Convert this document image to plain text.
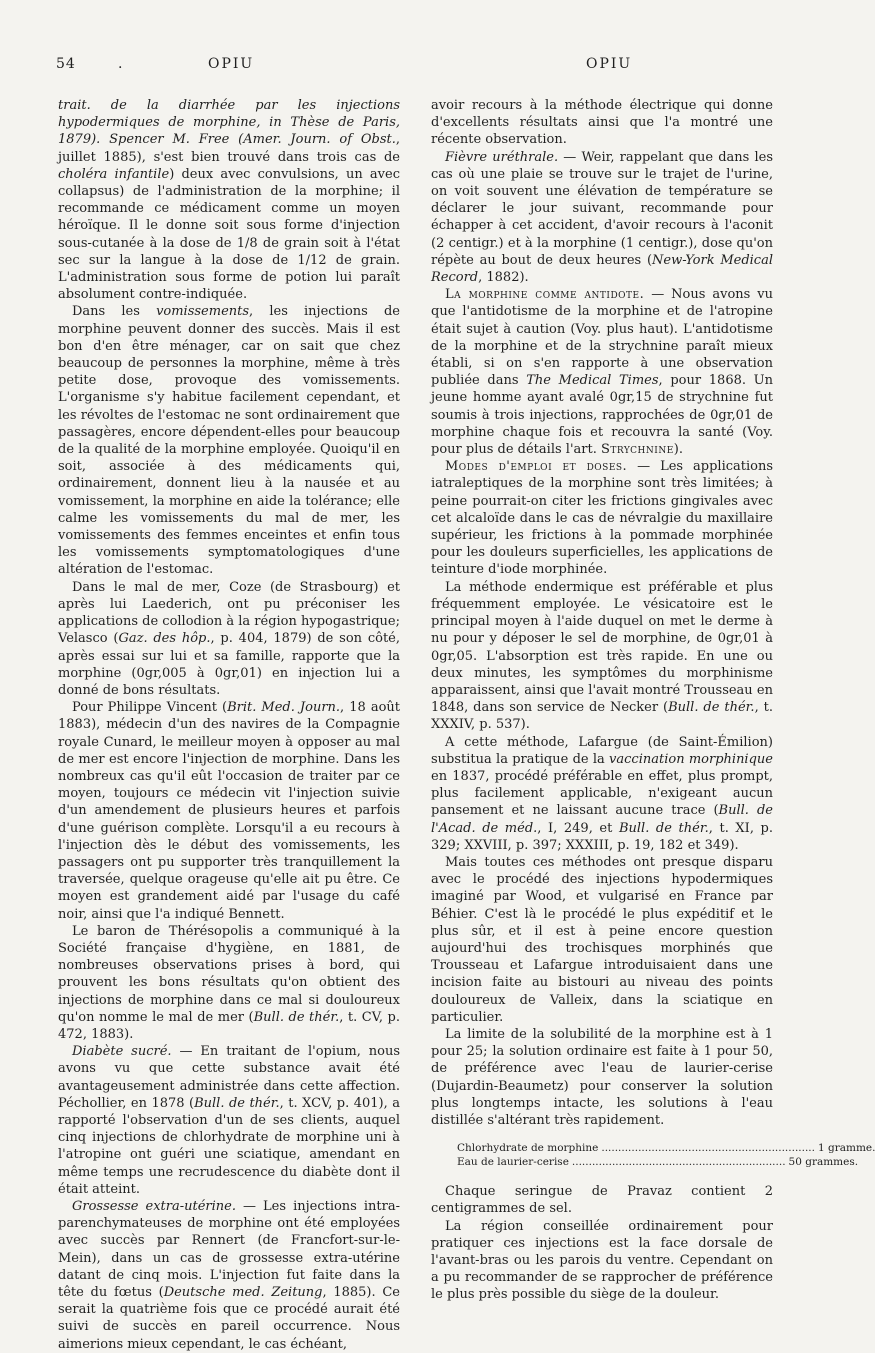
54	.	OPIU	OPIU

trait. de la diarrhée par les injections hypodermiques de morphine, in Thèse de Paris, 1879). Spencer M. Free (Amer. Journ. of Obst., juillet 1885), s'est bien trouvé dans trois cas de choléra infantile) deux avec convulsions, un avec collapsus) de l'administration de la morphine; il recommande ce médicament comme un moyen héroïque. Il le donne soit sous forme d'injection sous-cutanée à la dose de 1/8 de grain soit à l'état sec sur la langue à la dose de 1/12 de grain. L'administration sous forme de potion lui paraît absolument contre-indiquée.

Dans les vomissements, les injections de morphine peuvent donner des succès. Mais il est bon d'en être ménager, car on sait que chez beaucoup de personnes la morphine, même à très petite dose, provoque des vomissements. L'organisme s'y habitue facilement cependant, et les révoltes de l'estomac ne sont ordinairement que passagères, encore dépendent-elles pour beaucoup de la qualité de la morphine employée. Quoiqu'il en soit, associée à des médicaments qui, ordinairement, donnent lieu à la nausée et au vomissement, la morphine en aide la tolérance; elle calme les vomissements du mal de mer, les vomissements des femmes enceintes et enfin tous les vomissements symptomatologiques d'une altération de l'estomac.

Dans le mal de mer, Coze (de Strasbourg) et après lui Laederich, ont pu préconiser les applications de collodion à la région hypogastrique; Velasco (Gaz. des hôp., p. 404, 1879) de son côté, après essai sur lui et sa famille, rapporte que la morphine (0gr,005 à 0gr,01) en injection lui a donné de bons résultats.

Pour Philippe Vincent (Brit. Med. Journ., 18 août 1883), médecin d'un des navires de la Compagnie royale Cunard, le meilleur moyen à opposer au mal de mer est encore l'injection de morphine. Dans les nombreux cas qu'il eût l'occasion de traiter par ce moyen, toujours ce médecin vit l'injection suivie d'un amendement de plusieurs heures et parfois d'une guérison complète. Lorsqu'il a eu recours à l'injection dès le début des vomissements, les passagers ont pu supporter très tranquillement la traversée, quelque orageuse qu'elle ait pu être. Ce moyen est grandement aidé par l'usage du café noir, ainsi que l'a indiqué Bennett.

Le baron de Thérésopolis a communiqué à la Société française d'hygiène, en 1881, de nombreuses observations prises à bord, qui prouvent les bons résultats qu'on obtient des injections de morphine dans ce mal si douloureux qu'on nomme le mal de mer (Bull. de thér., t. CV, p. 472, 1883).

Diabète sucré. — En traitant de l'opium, nous avons vu que cette substance avait été avantageusement administrée dans cette affection. Péchollier, en 1878 (Bull. de thér., t. XCV, p. 401), a rapporté l'observation d'un de ses clients, auquel cinq injections de chlorhydrate de morphine uni à l'atropine ont guéri une sciatique, amendant en même temps une recrudescence du diabète dont il était atteint.

Grossesse extra-utérine. — Les injections intra-parenchymateuses de morphine ont été employées avec succès par Rennert (de Francfort-sur-le-Mein), dans un cas de grossesse extra-utérine datant de cinq mois. L'injection fut faite dans la tête du fœtus (Deutsche med. Zeitung, 1885). Ce serait la quatrième fois que ce procédé aurait été suivi de succès en pareil occurrence. Nous aimerions mieux cependant, le cas échéant,

avoir recours à la méthode électrique qui donne d'excellents résultats ainsi que l'a montré une récente observation.

Fièvre uréthrale. — Weir, rappelant que dans les cas où une plaie se trouve sur le trajet de l'urine, on voit souvent une élévation de température se déclarer le jour suivant, recommande pour échapper à cet accident, d'avoir recours à l'aconit (2 centigr.) et à la morphine (1 centigr.), dose qu'on répète au bout de deux heures (New-York Medical Record, 1882).

La morphine comme antidote. — Nous avons vu que l'antidotisme de la morphine et de l'atropine était sujet à caution (Voy. plus haut). L'antidotisme de la morphine et de la strychnine paraît mieux établi, si on s'en rapporte à une observation publiée dans The Medical Times, pour 1868. Un jeune homme ayant avalé 0gr,15 de strychnine fut soumis à trois injections, rapprochées de 0gr,01 de morphine chaque fois et recouvra la santé (Voy. pour plus de détails l'art. Strychnine).

Modes d'emploi et doses. — Les applications iatraleptiques de la morphine sont très limitées; à peine pourrait-on citer les frictions gingivales avec cet alcaloïde dans le cas de névralgie du maxillaire supérieur, les frictions à la pommade morphinée pour les douleurs superficielles, les applications de teinture d'iode morphinée.

La méthode endermique est préférable et plus fréquemment employée. Le vésicatoire est le principal moyen à l'aide duquel on met le derme à nu pour y déposer le sel de morphine, de 0gr,01 à 0gr,05. L'absorption est très rapide. En une ou deux minutes, les symptômes du morphinisme apparaissent, ainsi que l'avait montré Trousseau en 1848, dans son service de Necker (Bull. de thér., t. XXXIV, p. 537).

A cette méthode, Lafargue (de Saint-Émilion) substitua la pratique de la vaccination morphinique en 1837, procédé préférable en effet, plus prompt, plus facilement applicable, n'exigeant aucun pansement et ne laissant aucune trace (Bull. de l'Acad. de méd., I, 249, et Bull. de thér., t. XI, p. 329; XXVIII, p. 397; XXXIII, p. 19, 182 et 349).

Mais toutes ces méthodes ont presque disparu avec le procédé des injections hypodermiques imaginé par Wood, et vulgarisé en France par Béhier. C'est là le procédé le plus expéditif et le plus sûr, et il est à peine encore question aujourd'hui des trochisques morphinés que Trousseau et Lafargue introduisaient dans une incision faite au bistouri au niveau des points douloureux de Valleix, dans la sciatique en particulier.

La limite de la solubilité de la morphine est à 1 pour 25; la solution ordinaire est faite à 1 pour 50, de préférence avec l'eau de laurier-cerise (Dujardin-Beaumetz) pour conserver la solution plus longtemps intacte, les solutions à l'eau distillée s'altérant très rapidement.

Chlorhydrate de morphine .....	1 gramme.
Eau de laurier-cerise .....	50 grammes.

Chaque seringue de Pravaz contient 2 centigrammes de sel.

La région conseillée ordinairement pour pratiquer ces injections est la face dorsale de l'avant-bras ou les parois du ventre. Cependant on a pu recommander de se rapprocher de préférence le plus près possible du siège de la douleur.
